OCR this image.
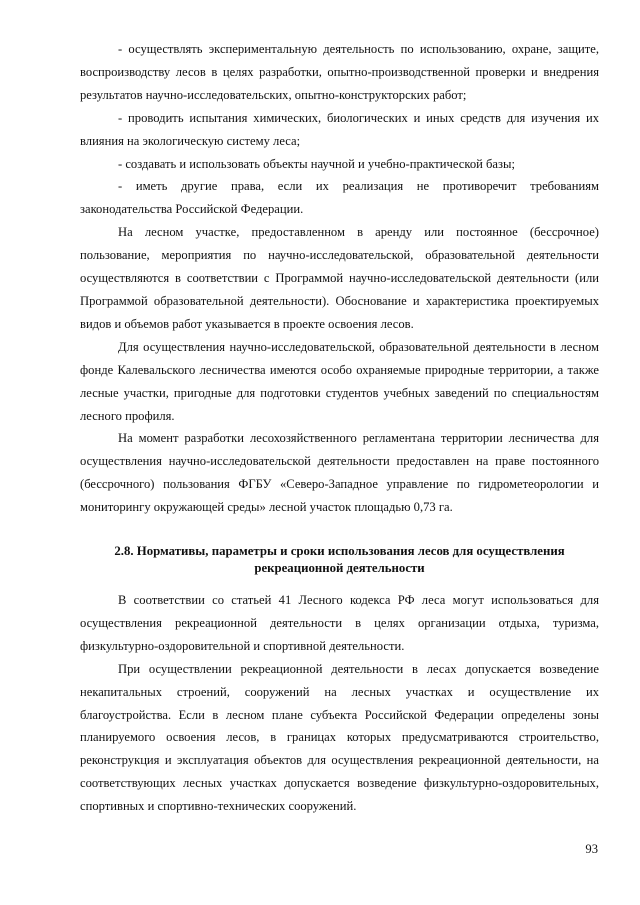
- осуществлять экспериментальную деятельность по использованию, охране, защите, воспроизводству лесов в целях разработки, опытно-производственной проверки и внедрения результатов научно-исследовательских, опытно-конструкторских работ;

- проводить испытания химических, биологических и иных средств для изучения их влияния на экологическую систему леса;

- создавать и использовать объекты научной и учебно-практической базы;

- иметь другие права, если их реализация не противоречит требованиям законодательства Российской Федерации.

На лесном участке, предоставленном в аренду или постоянное (бессрочное) пользование, мероприятия по научно-исследовательской, образовательной деятельности осуществляются в соответствии с Программой научно-исследовательской деятельности (или Программой образовательной деятельности). Обоснование и характеристика проектируемых видов и объемов работ указывается в проекте освоения лесов.

Для осуществления научно-исследовательской, образовательной деятельности в лесном фонде Калевальского лесничества имеются особо охраняемые природные территории, а также лесные участки, пригодные для подготовки студентов учебных заведений по специальностям лесного профиля.

На момент разработки лесохозяйственного регламентана территории лесничества для осуществления научно-исследовательской деятельности предоставлен на праве постоянного (бессрочного) пользования ФГБУ «Северо-Западное управление по гидрометеорологии и мониторингу окружающей среды» лесной участок площадью 0,73 га.

2.8. Нормативы, параметры и сроки использования лесов для осуществления
рекреационной деятельности

В соответствии со статьей 41 Лесного кодекса РФ леса могут использоваться для осуществления рекреационной деятельности в целях организации отдыха, туризма, физкультурно-оздоровительной и спортивной деятельности.

При осуществлении рекреационной деятельности в лесах допускается возведение некапитальных строений, сооружений на лесных участках и осуществление их благоустройства. Если в лесном плане субъекта Российской Федерации определены зоны планируемого освоения лесов, в границах которых предусматриваются строительство, реконструкция и эксплуатация объектов для осуществления рекреационной деятельности, на соответствующих лесных участках допускается возведение физкультурно-оздоровительных, спортивных и спортивно-технических сооружений.

93
